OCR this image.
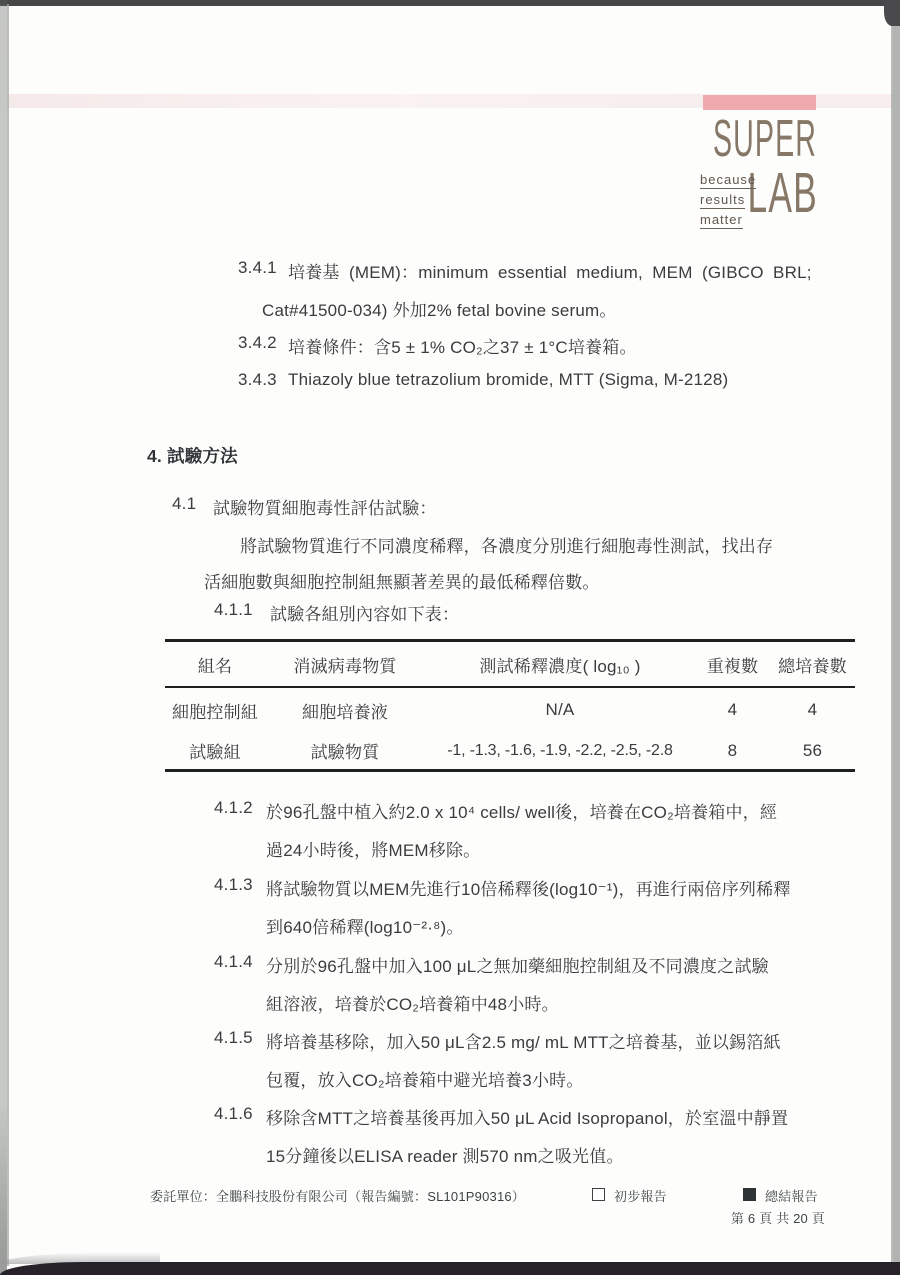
SUPER
LAB
because
results
matter
3.4.1 培養基 (MEM)：minimum essential medium, MEM (GIBCO BRL;
Cat#41500-034) 外加2% fetal bovine serum。
3.4.2 培養條件：含5 ± 1% CO₂之37 ± 1°C培養箱。
3.4.3 Thiazoly blue tetrazolium bromide, MTT (Sigma, M-2128)
4. 試驗方法
4.1 試驗物質細胞毒性評估試驗：
將試驗物質進行不同濃度稀釋，各濃度分別進行細胞毒性測試，找出存
活細胞數與細胞控制組無顯著差異的最低稀釋倍數。
4.1.1 試驗各組別內容如下表：
組名	消滅病毒物質	測試稀釋濃度( log₁₀ )	重複數	總培養數
細胞控制組	細胞培養液	N/A	4	4
試驗組	試驗物質	-1, -1.3, -1.6, -1.9, -2.2, -2.5, -2.8	8	56
4.1.2 於96孔盤中植入約2.0 x 10⁴ cells/ well後，培養在CO₂培養箱中，經
過24小時後，將MEM移除。
4.1.3 將試驗物質以MEM先進行10倍稀釋後(log10⁻¹)，再進行兩倍序列稀釋
到640倍稀釋(log10⁻²·⁸)。
4.1.4 分別於96孔盤中加入100 μL之無加藥細胞控制組及不同濃度之試驗
組溶液，培養於CO₂培養箱中48小時。
4.1.5 將培養基移除，加入50 μL含2.5 mg/ mL MTT之培養基，並以錫箔紙
包覆，放入CO₂培養箱中避光培養3小時。
4.1.6 移除含MTT之培養基後再加入50 μL Acid Isopropanol，於室溫中靜置
15分鐘後以ELISA reader 測570 nm之吸光值。
委託單位：全鵬科技股份有限公司（報告編號：SL101P90316）	初步報告	總結報告
第 6 頁 共 20 頁
